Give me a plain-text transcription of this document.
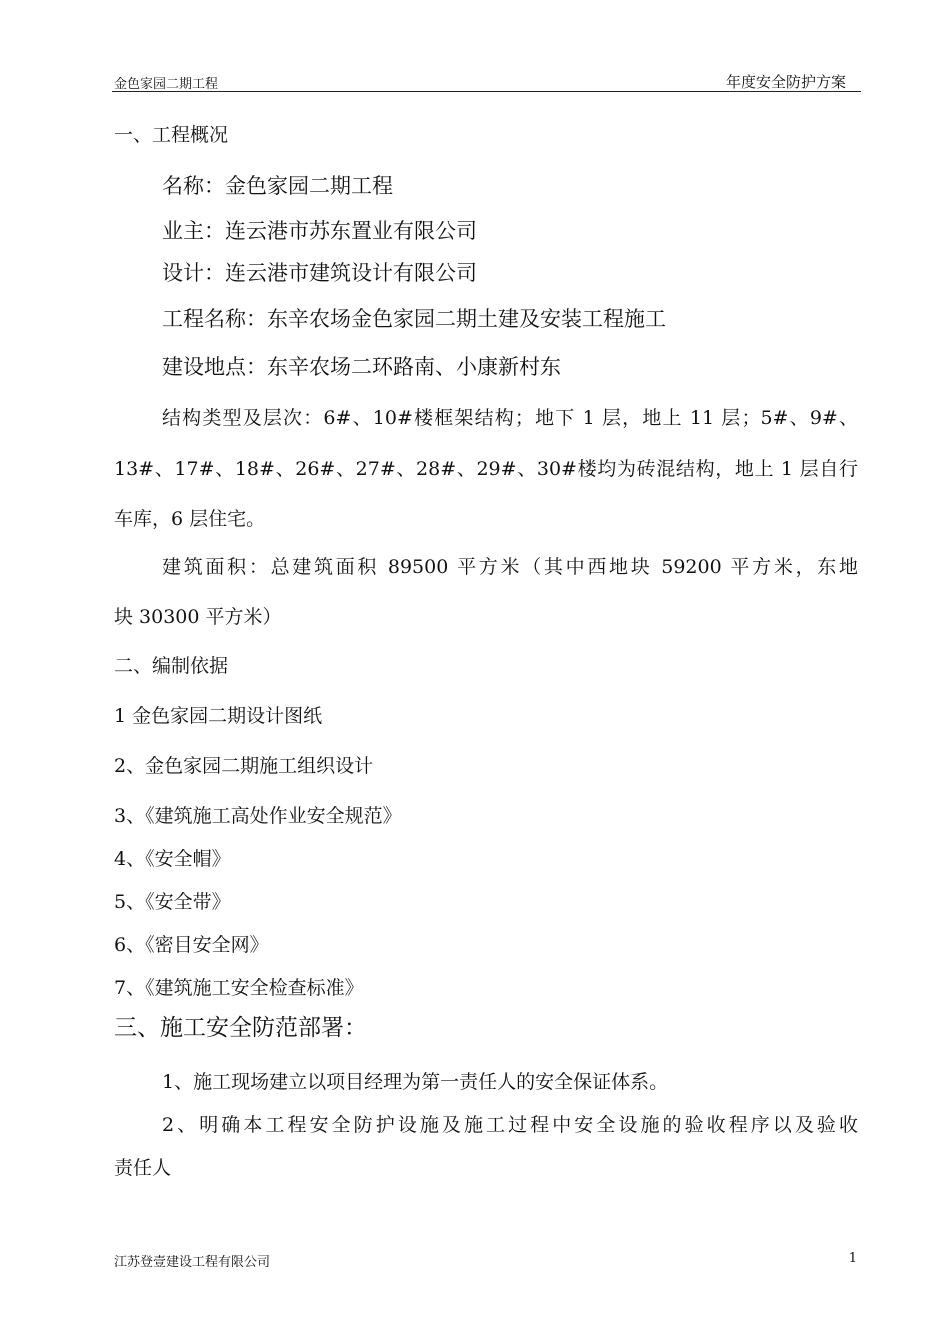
金色家园二期工程	年度安全防护方案
一、工程概况
名称：金色家园二期工程
业主：连云港市苏东置业有限公司
设计：连云港市建筑设计有限公司
工程名称：东辛农场金色家园二期土建及安装工程施工
建设地点：东辛农场二环路南、小康新村东
结构类型及层次：6#、10#楼框架结构；地下 1 层，地上 11 层；5#、9#、
13#、17#、18#、26#、27#、28#、29#、30#楼均为砖混结构，地上 1 层自行
车库，6 层住宅。
建筑面积：总建筑面积 89500 平方米（其中西地块 59200 平方米，东地
块 30300 平方米）
二、编制依据
1 金色家园二期设计图纸
2、金色家园二期施工组织设计
3、《建筑施工高处作业安全规范》
4、《安全帽》
5、《安全带》
6、《密目安全网》
7、《建筑施工安全检查标准》
三、施工安全防范部署：
1、施工现场建立以项目经理为第一责任人的安全保证体系。
2、明确本工程安全防护设施及施工过程中安全设施的验收程序以及验收
责任人
江苏登壹建设工程有限公司	1
